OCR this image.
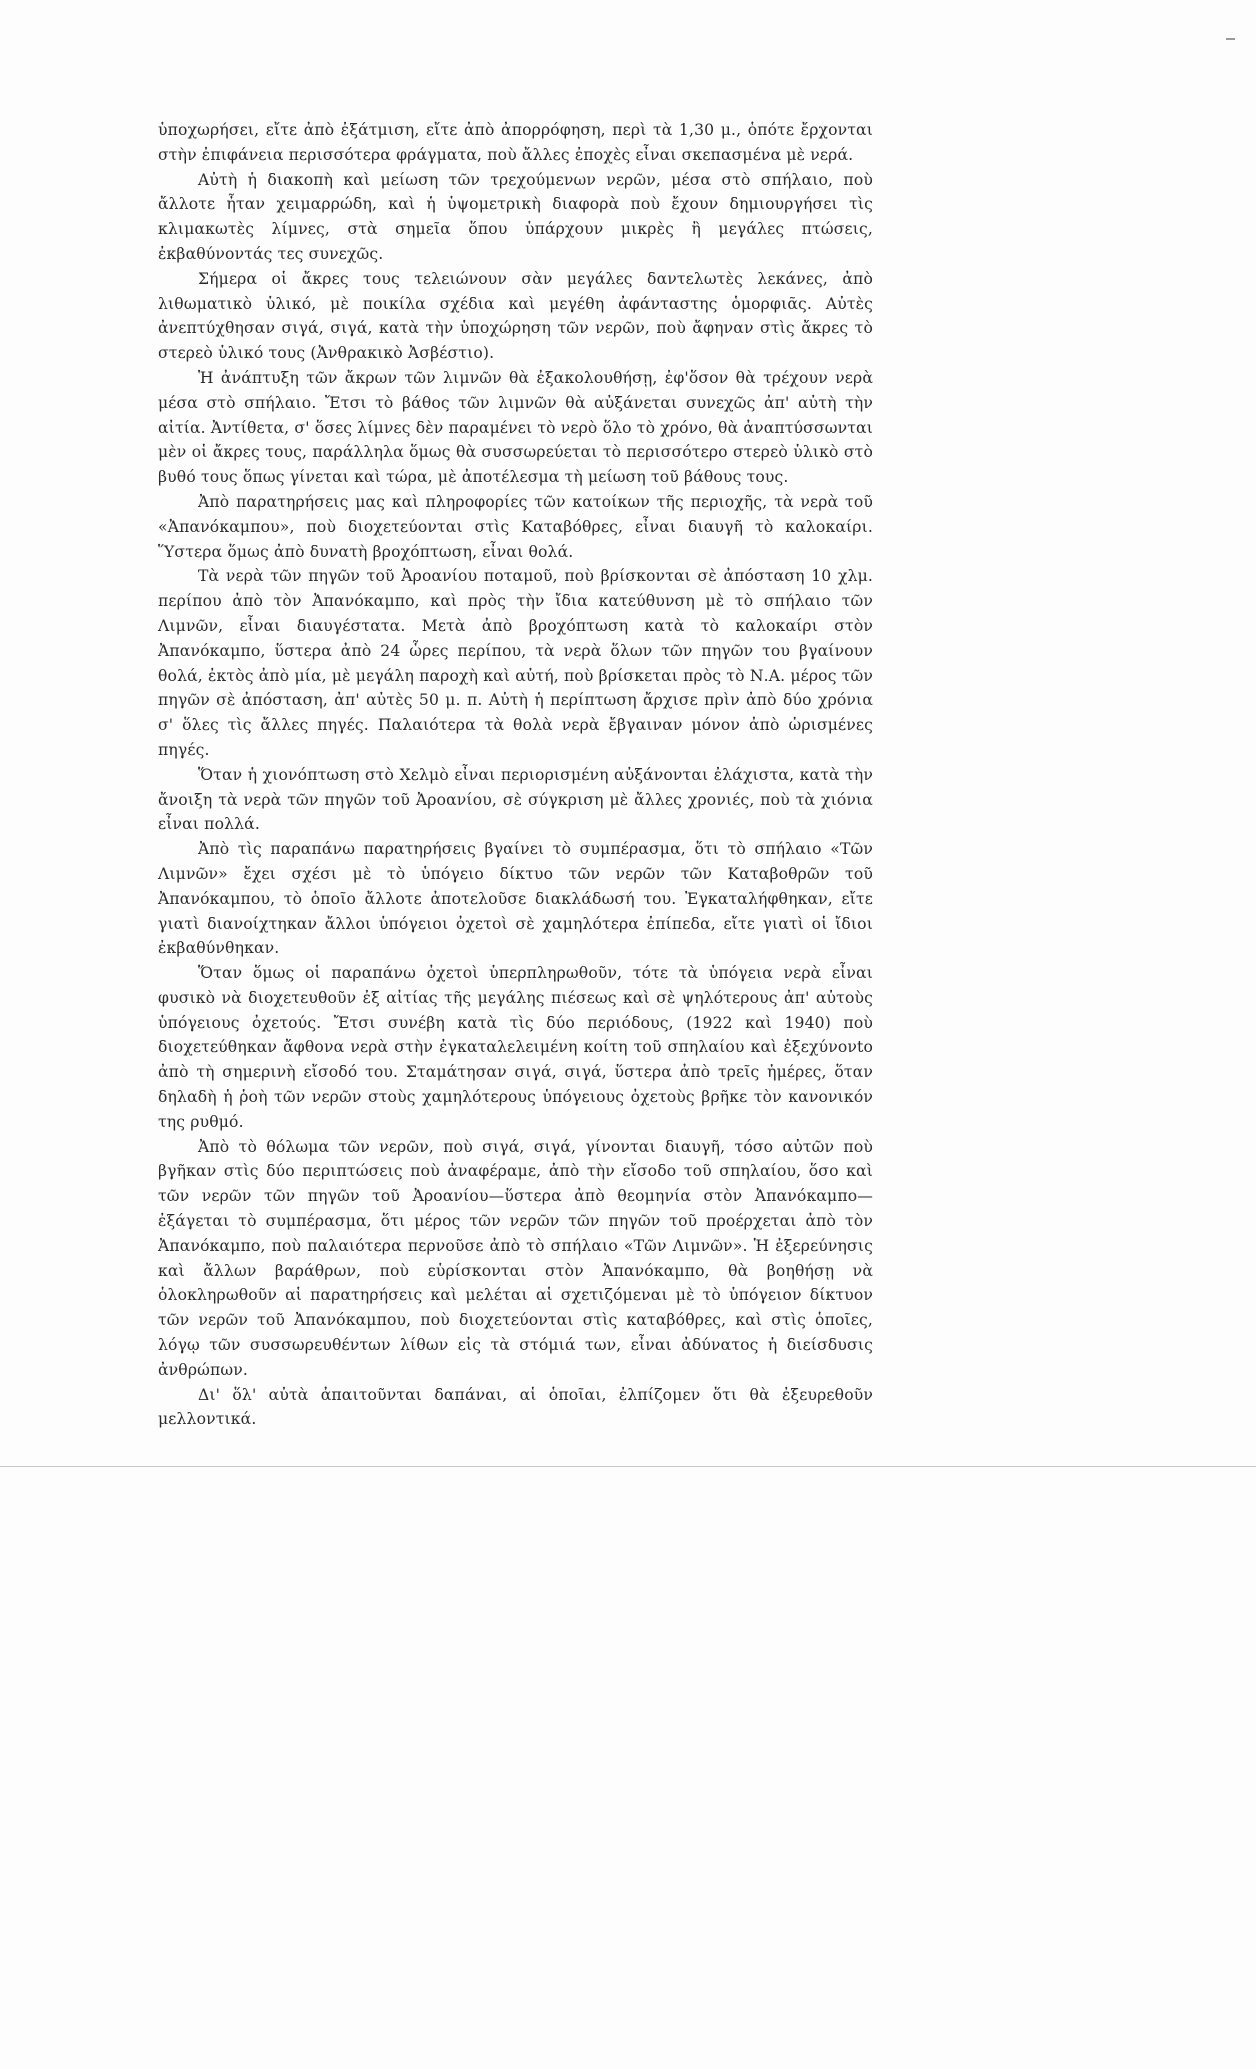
ὑποχωρήσει, εἴτε ἀπὸ ἐξάτμιση, εἴτε ἀπὸ ἀπορρόφηση, περὶ τὰ 1,30 μ., ὁπότε ἔρχονται στὴν ἐπιφάνεια περισσότερα φράγματα, ποὺ ἄλλες ἐποχὲς εἶναι σκεπασμένα μὲ νερά.

Αὐτὴ ἡ διακοπὴ καὶ μείωση τῶν τρεχούμενων νερῶν, μέσα στὸ σπήλαιο, ποὺ ἄλλοτε ἦταν χειμαρρώδη, καὶ ἡ ὑψομετρικὴ διαφορὰ ποὺ ἔχουν δημιουργήσει τὶς κλιμακωτὲς λίμνες, στὰ σημεῖα ὅπου ὑπάρχουν μικρὲς ἢ μεγάλες πτώσεις, ἐκβαθύνοντάς τες συνεχῶς.

Σήμερα οἱ ἄκρες τους τελειώνουν σὰν μεγάλες δαντελωτὲς λεκάνες, ἀπὸ λιθωματικὸ ὑλικό, μὲ ποικίλα σχέδια καὶ μεγέθη ἀφάνταστης ὁμορφιᾶς. Αὐτὲς ἀνεπτύχθησαν σιγά, σιγά, κατὰ τὴν ὑποχώρηση τῶν νερῶν, ποὺ ἄφηναν στὶς ἄκρες τὸ στερεὸ ὑλικό τους (Ἀνθρακικὸ Ἀσβέστιο).

Ἡ ἀνάπτυξη τῶν ἄκρων τῶν λιμνῶν θὰ ἐξακολουθήσῃ, ἐφ'ὅσον θὰ τρέχουν νερὰ μέσα στὸ σπήλαιο. Ἔτσι τὸ βάθος τῶν λιμνῶν θὰ αὐξάνεται συνεχῶς ἀπ' αὐτὴ τὴν αἰτία. Ἀντίθετα, σ' ὅσες λίμνες δὲν παραμένει τὸ νερὸ ὅλο τὸ χρόνο, θὰ ἀναπτύσσωνται μὲν οἱ ἄκρες τους, παράλληλα ὅμως θὰ συσσωρεύεται τὸ περισσότερο στερεὸ ὑλικὸ στὸ βυθό τους ὅπως γίνεται καὶ τώρα, μὲ ἀποτέλεσμα τὴ μείωση τοῦ βάθους τους.

Ἀπὸ παρατηρήσεις μας καὶ πληροφορίες τῶν κατοίκων τῆς περιοχῆς, τὰ νερὰ τοῦ «Ἀπανόκαμπου», ποὺ διοχετεύονται στὶς Καταβόθρες, εἶναι διαυγῆ τὸ καλοκαίρι. Ὕστερα ὅμως ἀπὸ δυνατὴ βροχόπτωση, εἶναι θολά.

Τὰ νερὰ τῶν πηγῶν τοῦ Ἀροανίου ποταμοῦ, ποὺ βρίσκονται σὲ ἀπόσταση 10 χλμ. περίπου ἀπὸ τὸν Ἀπανόκαμπο, καὶ πρὸς τὴν ἴδια κατεύθυνση μὲ τὸ σπήλαιο τῶν Λιμνῶν, εἶναι διαυγέστατα. Μετὰ ἀπὸ βροχόπτωση κατὰ τὸ καλοκαίρι στὸν Ἀπανόκαμπο, ὕστερα ἀπὸ 24 ὧρες περίπου, τὰ νερὰ ὅλων τῶν πηγῶν του βγαίνουν θολά, ἐκτὸς ἀπὸ μία, μὲ μεγάλη παροχὴ καὶ αὐτή, ποὺ βρίσκεται πρὸς τὸ Ν.Α. μέρος τῶν πηγῶν σὲ ἀπόσταση, ἀπ' αὐτὲς 50 μ. π. Αὐτὴ ἡ περίπτωση ἄρχισε πρὶν ἀπὸ δύο χρόνια σ' ὅλες τὶς ἄλλες πηγές. Παλαιότερα τὰ θολὰ νερὰ ἔβγαιναν μόνον ἀπὸ ὡρισμένες πηγές.

Ὅταν ἡ χιονόπτωση στὸ Χελμὸ εἶναι περιορισμένη αὐξάνονται ἐλάχιστα, κατὰ τὴν ἄνοιξη τὰ νερὰ τῶν πηγῶν τοῦ Ἀροανίου, σὲ σύγκριση μὲ ἄλλες χρονιές, ποὺ τὰ χιόνια εἶναι πολλά.

Ἀπὸ τὶς παραπάνω παρατηρήσεις βγαίνει τὸ συμπέρασμα, ὅτι τὸ σπήλαιο «Τῶν Λιμνῶν» ἔχει σχέσι μὲ τὸ ὑπόγειο δίκτυο τῶν νερῶν τῶν Καταβοθρῶν τοῦ Ἀπανόκαμπου, τὸ ὁποῖο ἄλλοτε ἀποτελοῦσε διακλάδωσή του. Ἐγκαταλήφθηκαν, εἴτε γιατὶ διανοίχτηκαν ἄλλοι ὑπόγειοι ὀχετοὶ σὲ χαμηλότερα ἐπίπεδα, εἴτε γιατὶ οἱ ἴδιοι ἐκβαθύνθηκαν.

Ὅταν ὅμως οἱ παραπάνω ὀχετοὶ ὑπερπληρωθοῦν, τότε τὰ ὑπόγεια νερὰ εἶναι φυσικὸ νὰ διοχετευθοῦν ἐξ αἰτίας τῆς μεγάλης πιέσεως καὶ σὲ ψηλότερους ἀπ' αὐτοὺς ὑπόγειους ὀχετούς. Ἔτσι συνέβη κατὰ τὶς δύο περιόδους, (1922 καὶ 1940) ποὺ διοχετεύθηκαν ἄφθονα νερὰ στὴν ἐγκαταλελειμένη κοίτη τοῦ σπηλαίου καὶ ἐξεχύνονto ἀπὸ τὴ σημερινὴ εἴσοδό του. Σταμάτησαν σιγά, σιγά, ὕστερα ἀπὸ τρεῖς ἡμέρες, ὅταν δηλαδὴ ἡ ῥοὴ τῶν νερῶν στοὺς χαμηλότερους ὑπόγειους ὀχετοὺς βρῆκε τὸν κανονικόν της ρυθμό.

Ἀπὸ τὸ θόλωμα τῶν νερῶν, ποὺ σιγά, σιγά, γίνονται διαυγῆ, τόσο αὐτῶν ποὺ βγῆκαν στὶς δύο περιπτώσεις ποὺ ἀναφέραμε, ἀπὸ τὴν εἴσοδο τοῦ σπηλαίου, ὅσο καὶ τῶν νερῶν τῶν πηγῶν τοῦ Ἀροανίου—ὕστερα ἀπὸ θεομηνία στὸν Ἀπανόκαμπο—ἐξάγεται τὸ συμπέρασμα, ὅτι μέρος τῶν νερῶν τῶν πηγῶν τοῦ προέρχεται ἀπὸ τὸν Ἀπανόκαμπο, ποὺ παλαιότερα περνοῦσε ἀπὸ τὸ σπήλαιο «Τῶν Λιμνῶν». Ἡ ἐξερεύνησις καὶ ἄλλων βαράθρων, ποὺ εὑρίσκονται στὸν Ἀπανόκαμπο, θὰ βοηθήσῃ νὰ ὁλοκληρωθοῦν αἱ παρατηρήσεις καὶ μελέται αἱ σχετιζόμεναι μὲ τὸ ὑπόγειον δίκτυον τῶν νερῶν τοῦ Ἀπανόκαμπου, ποὺ διοχετεύονται στὶς καταβόθρες, καὶ στὶς ὁποῖες, λόγῳ τῶν συσσωρευθέντων λίθων εἰς τὰ στόμιά των, εἶναι ἀδύνατος ἡ διείσδυσις ἀνθρώπων.

Δι' ὅλ' αὐτὰ ἀπαιτοῦνται δαπάναι, αἱ ὁποῖαι, ἐλπίζομεν ὅτι θὰ ἐξευρεθοῦν μελλοντικά.
